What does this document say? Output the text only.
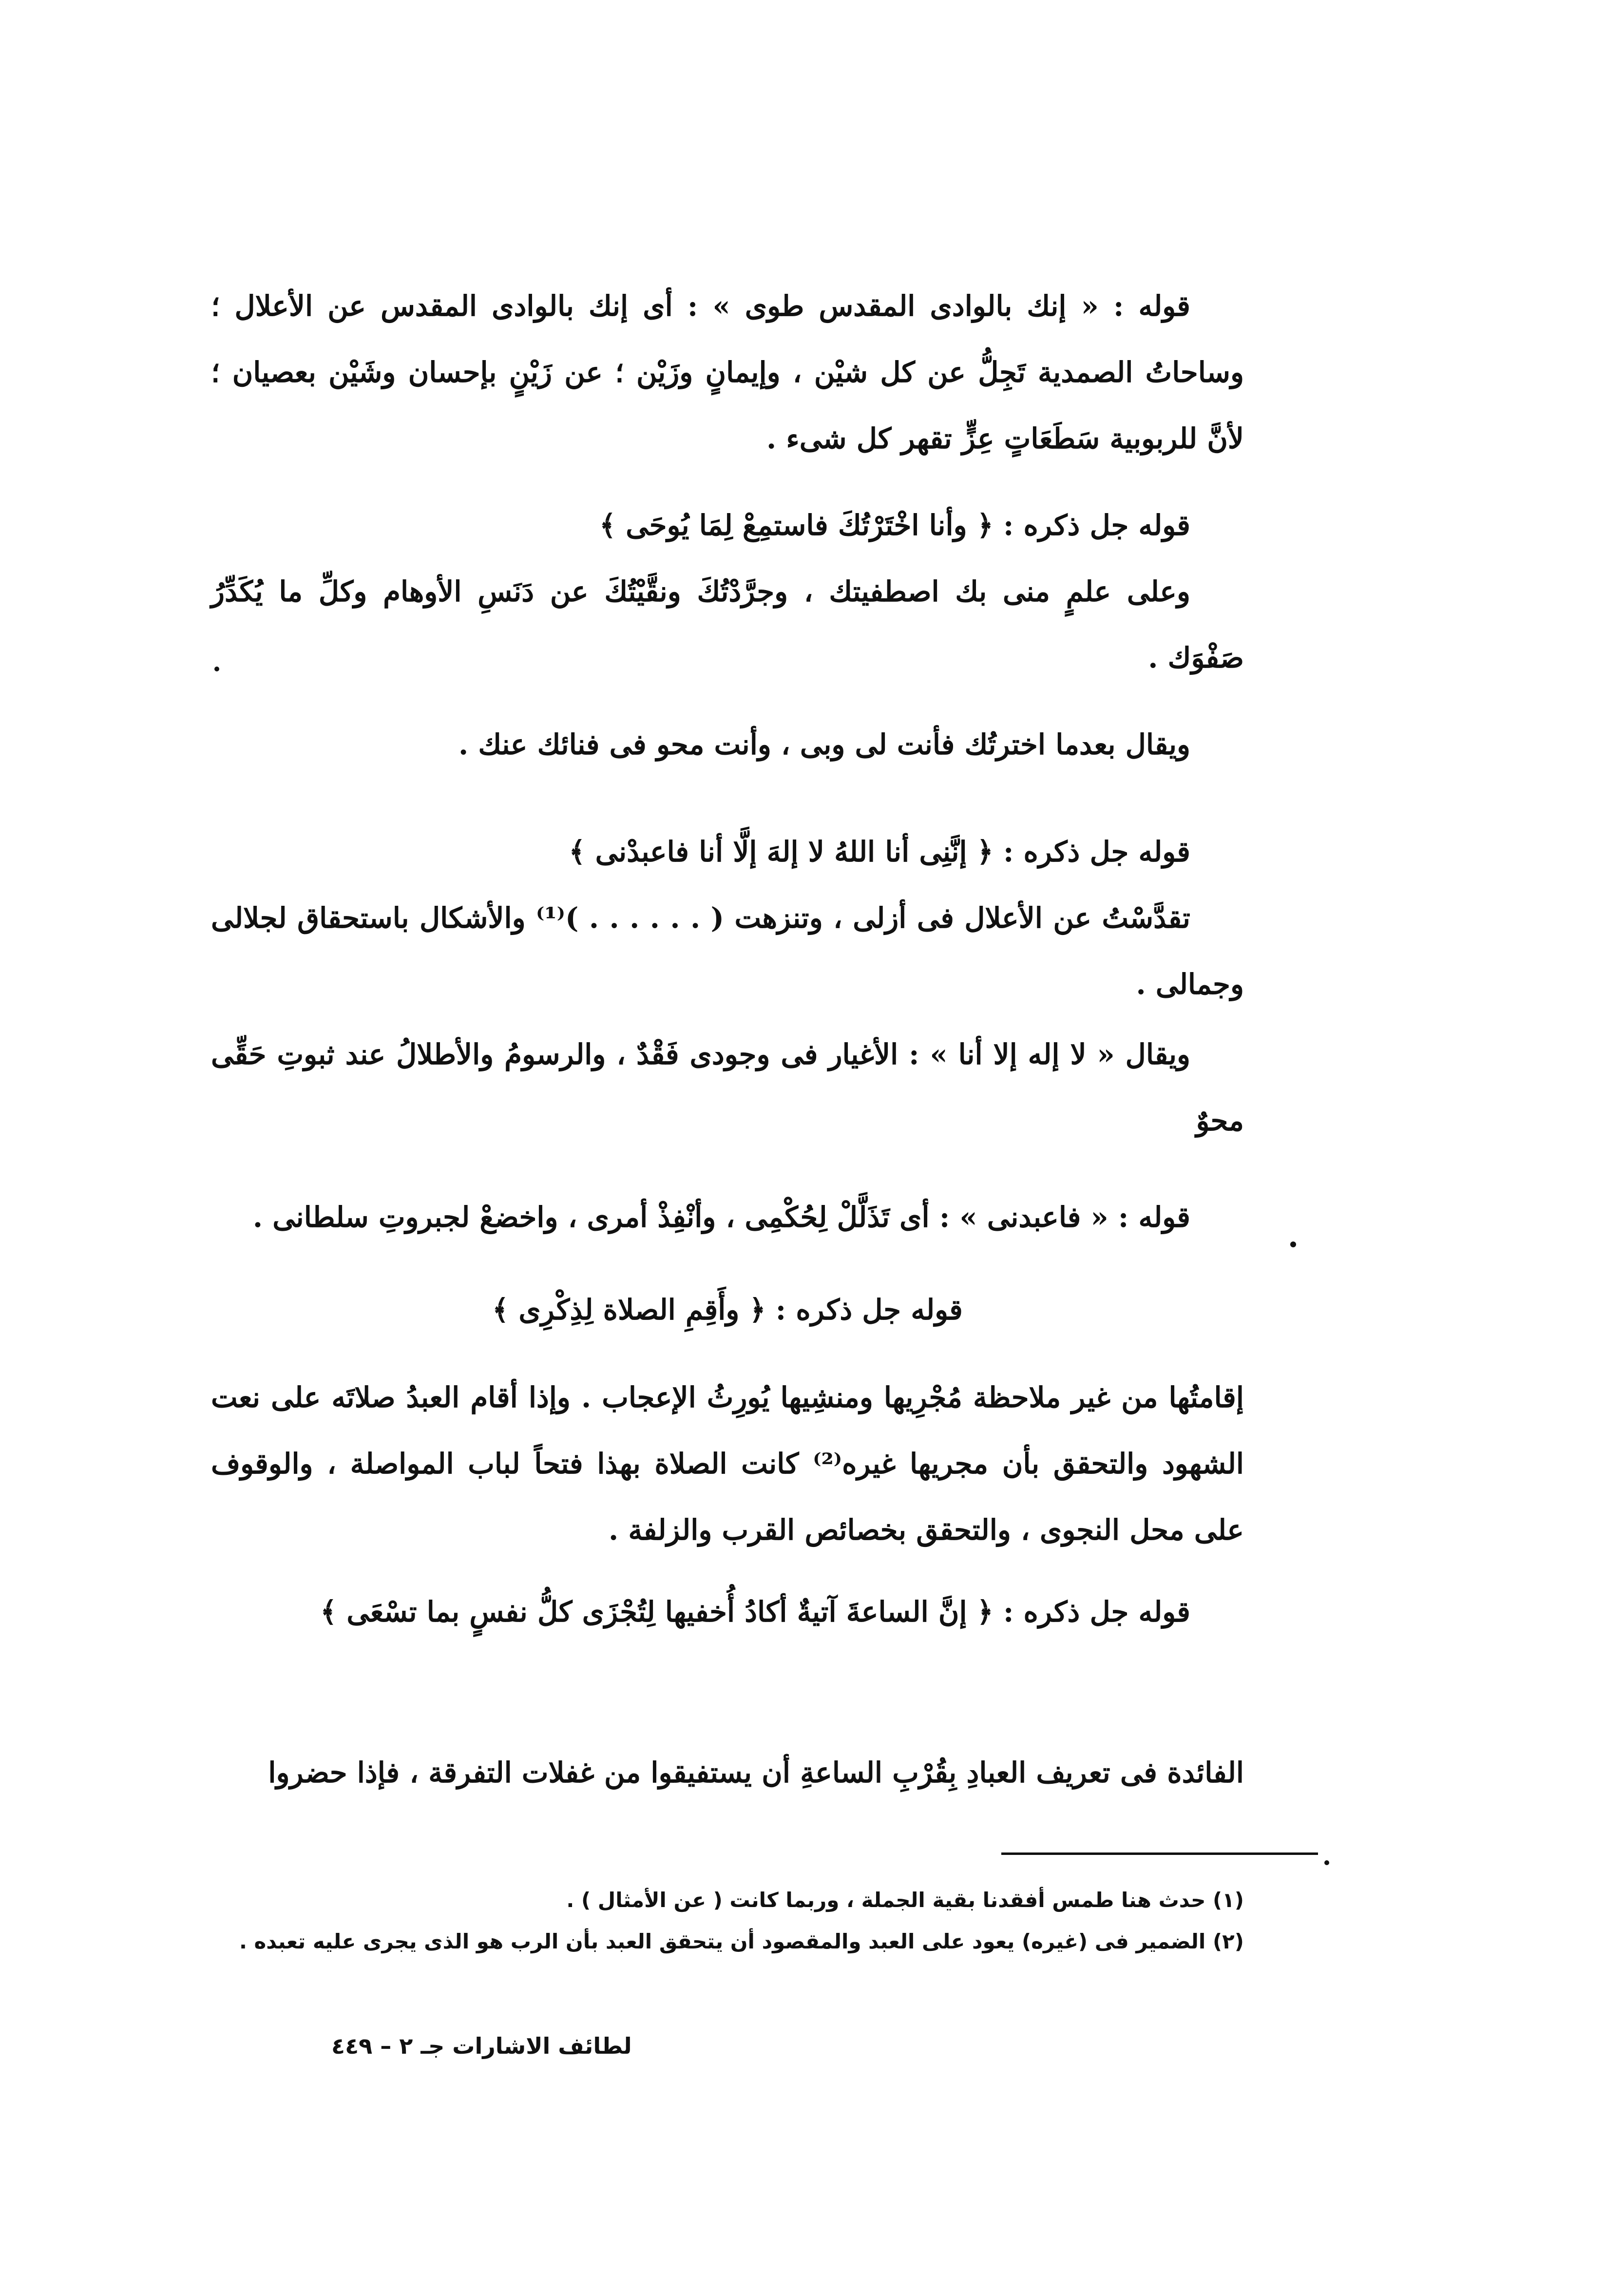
قوله : « إنك بالوادى المقدس طوى » : أى إنك بالوادى المقدس عن الأعلال ؛ وساحاتُ الصمدية تَجِلُّ عن كل شيْن ، وإيمانٍ وزَيْن ؛ عن زَيْنٍ بإحسان وشَيْن بعصيان ؛ لأنَّ للربوبية سَطَعَاتٍ عِزٍّ تقهر كل شىء .

قوله جل ذكره : ﴿ وأنا اخْتَرْتُكَ فاستمِعْ لِمَا يُوحَى ﴾

وعلى علمٍ منى بك اصطفيتك ، وجرَّدْتُكَ ونقَّيْتُكَ عن دَنَسِ الأوهام وكلِّ ما يُكَدِّرُ صَفْوَك .

ويقال بعدما اخترتُك فأنت لى وبى ، وأنت محو فى فنائك عنك .

قوله جل ذكره : ﴿ إنَّنِى أنا اللهُ لا إلهَ إلَّا أنا فاعبدْنى ﴾

تقدَّسْتُ عن الأعلال فى أزلى ، وتنزهت ( . . . . . . )⁽¹⁾ والأشكال باستحقاق لجلالى وجمالى .

ويقال « لا إله إلا أنا » : الأغيار فى وجودى فَقْدٌ ، والرسومُ والأطلالُ عند ثبوتِ حَقِّى محوٌ

قوله : « فاعبدنى » : أى تَذَلَّلْ لِحُكْمِى ، وأنْفِذْ أمرى ، واخضعْ لجبروتِ سلطانى .

قوله جل ذكره : ﴿ وأَقِمِ الصلاة لِذِكْرِى ﴾

إقامتُها من غير ملاحظة مُجْرِيها ومنشِيها يُورِثُ الإعجاب . وإذا أقام العبدُ صلاتَه على نعت الشهود والتحقق بأن مجريها غيره⁽²⁾ كانت الصلاة بهذا فتحاً لباب المواصلة ، والوقوف على محل النجوى ، والتحقق بخصائص القرب والزلفة .

قوله جل ذكره : ﴿ إنَّ الساعةَ آتيةٌ أكادُ أُخفيها لِتُجْزَى كلُّ نفسٍ بما تسْعَى ﴾

الفائدة فى تعريف العبادِ بِقُرْبِ الساعةِ أن يستفيقوا من غفلات التفرقة ، فإذا حضروا

(١) حدث هنا طمس أفقدنا بقية الجملة ، وربما كانت ( عن الأمثال ) .
(٢) الضمير فى (غيره) يعود على العبد والمقصود أن يتحقق العبد بأن الرب هو الذى يجرى عليه تعبده .
لطائف الاشارات جـ ٢ – ٤٤٩
